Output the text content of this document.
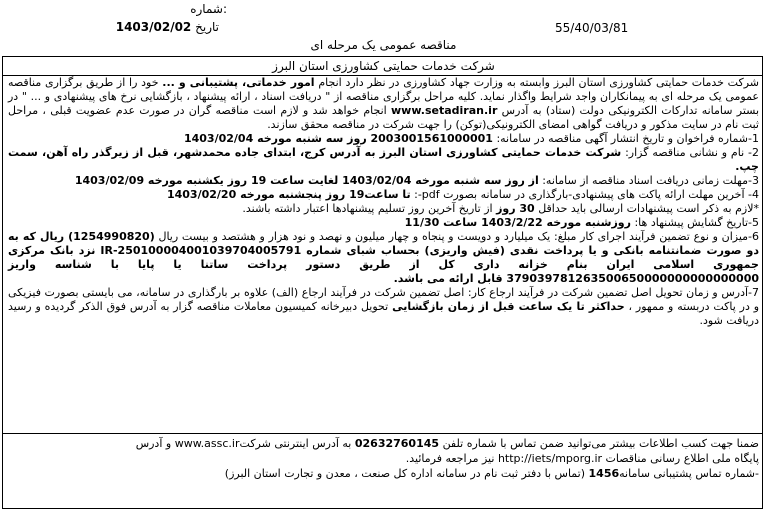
شماره:
تاریخ 1403/02/02	55/40/03/81
مناقصه عمومی یک مرحله ای
شرکت خدمات حمایتی کشاورزی استان البرز

شرکت خدمات حمایتی کشاورزی استان البرز وابسته به وزارت جهاد کشاورزی در نظر دارد انجام امور خدماتی، پشتیبانی و ... خود را از طریق برگزاری مناقصه عمومی یک مرحله ای به پیمانکاران واجد شرایط واگذار نماید. کلیه مراحل برگزاری مناقصه از " دریافت اسناد ، ارائه پیشنهاد ، بازگشایی نرخ های پیشنهادی و ... " در بستر سامانه تدارکات الکترونیکی دولت (ستاد) به آدرس www.setadiran.ir انجام خواهد شد و لازم است مناقصه گران در صورت عدم عضویت قبلی ، مراحل ثبت نام در سایت مذکور و دریافت گواهی امضای الکترونیکی(توکن) را جهت شرکت در مناقصه محقق سازند.

1-شماره فراخوان و تاریخ انتشار آگهی مناقصه در سامانه: 2003001561000001 روز سه شنبه مورخه 1403/02/04

2- نام و نشانی مناقصه گزار: شرکت خدمات حمایتی کشاورزی استان البرز به آدرس کرج، ابتدای جاده محمدشهر، قبل از زیرگذر راه آهن، سمت چپ.

3-مهلت زمانی دریافت اسناد مناقصه از سامانه: از روز سه شنبه مورخه 1403/02/04 لغایت ساعت 19 روز یکشنبه مورخه 1403/02/09

4- آخرین مهلت ارائه پاکت های پیشنهادی-بارگذاری در سامانه بصورت pdf-: تا ساعت19 روز پنجشنبه مورخه 1403/02/20

*لازم به ذکر است پیشنهادات ارسالی باید حداقل 30 روز از تاریخ آخرین روز تسلیم پیشنهادها اعتبار داشته باشند.

5-تاریخ گشایش پیشنهاد ها: روزشنبه مورخه 1403/2/22 ساعت 11/30

6-میزان و نوع تضمین فرآیند اجرای کار مبلغ: یک میلیارد و دویست و پنجاه و چهار میلیون و نهصد و نود هزار و هشتصد و بیست ریال (1254990820) ریال که به دو صورت ضمانتنامه بانکی و یا پرداخت نقدی (فیش واریزی) بحساب شبای شماره IR-250100004001039704005791 نزد بانک مرکزی جمهوری اسلامی ایران بنام خزانه داری کل از طریق دستور پرداخت ساتنا یا پایا با شناسه واریز 379039781263500650000000000000000 قابل ارائه می باشد.

7-آدرس و زمان تحویل اصل تضمین شرکت در فرآیند ارجاع کار: اصل تضمین شرکت در فرآیند ارجاع (الف) علاوه بر بارگذاری در سامانه، می بایستی بصورت فیزیکی و در پاکت دربسته و ممهور ، حداکثر تا یک ساعت قبل از زمان بازگشایی تحویل دبیرخانه کمیسیون معاملات مناقصه گزار به آدرس فوق الذکر گردیده و رسید دریافت شود.

ضمنا جهت کسب اطلاعات بیشتر می‌توانید ضمن تماس با شماره تلفن 02632760145 به آدرس اینترنتی شرکتwww.assc.ir و آدرس

پایگاه ملی اطلاع رسانی مناقصات http://iets/mporg.ir نیز مراجعه فرمائید.

-شماره تماس پشتیبانی سامانه1456 (تماس با دفتر ثبت نام در سامانه اداره کل صنعت ، معدن و تجارت استان البرز)
